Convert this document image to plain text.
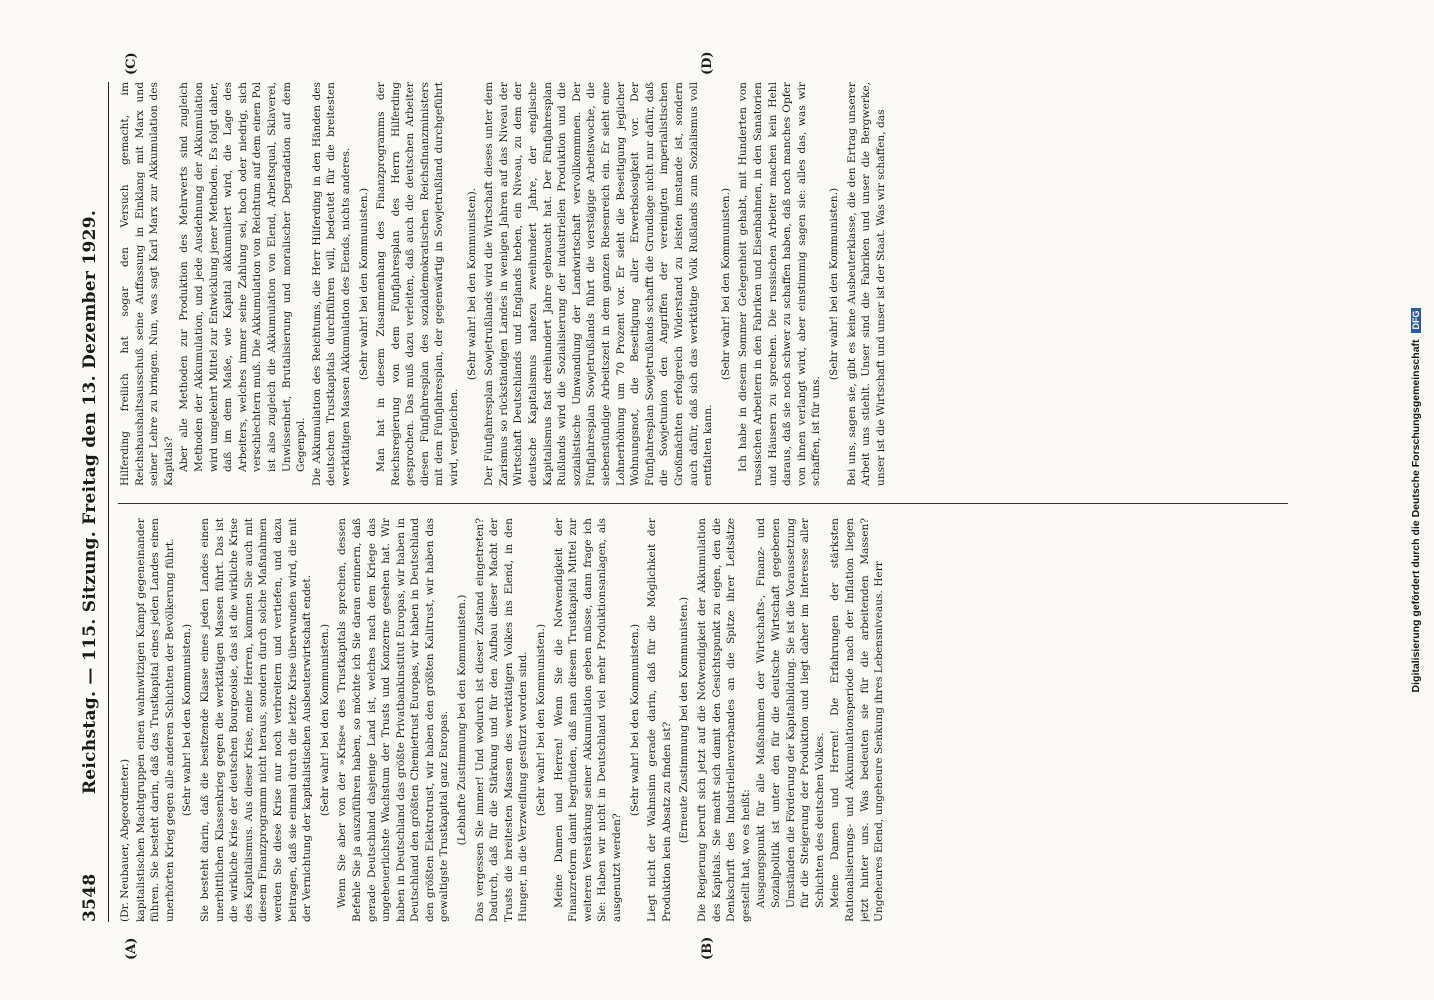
3548
Reichstag. — 115. Sitzung. Freitag den 13. Dezember 1929.
(A)	(B)
(C)	(D)

(Dr. Neubauer, Abgeordneter.) kapitalistischen Machtgruppen einen wahnwitzigen Kampf gegeneinander führen. Sie besteht darin, daß das Trustkapital eines jeden Landes einen unerhörten Krieg gegen alle anderen Schichten der Bevölkerung führt. (Sehr wahr! bei den Kommunisten.) Sie besteht darin, daß die besitzende Klasse eines jeden Landes einen unerbittlichen Klassenkrieg gegen die werktätigen Massen führt. Das ist die wirkliche Krise der deutschen Bourgeoisie, das ist die wirkliche Krise des Kapitalismus. Aus dieser Krise, meine Herren, kommen Sie auch mit diesem Finanzprogramm nicht heraus, sondern durch solche Maßnahmen werden Sie diese Krise nur noch verbreitern und vertiefen, und dazu beitragen, daß sie einmal durch die letzte Krise überwunden wird, die mit der Vernichtung der kapitalistischen Ausbeuterwirtschaft endet. (Sehr wahr! bei den Kommunisten.) Wenn Sie aber von der »Krise« des Trustkapitals sprechen, dessen Befehle Sie ja auszuführen haben, so möchte ich Sie daran erinnern, daß gerade Deutschland dasjenige Land ist, welches nach dem Kriege das ungeheuerlichste Wachstum der Trusts und Konzerne gesehen hat. Wir haben in Deutschland das größte Privatbankinstitut Europas, wir haben in Deutschland den größten Chemietrust Europas, wir haben in Deutschland den größten Elektrotrust, wir haben den größten Kalitrust, wir haben das gewaltigste Trustkapital ganz Europas. (Lebhafte Zustimmung bei den Kommunisten.) Das vergessen Sie immer! Und wodurch ist dieser Zustand eingetreten? Dadurch, daß für die Stärkung und für den Aufbau dieser Macht der Trusts die breitesten Massen des werktätigen Volkes ins Elend, in den Hunger, in die Verzweiflung gestürzt worden sind. (Sehr wahr! bei den Kommunisten.) Meine Damen und Herren! Wenn Sie die Notwendigkeit der Finanzreform damit begründen, daß man diesem Trustkapital Mittel zur weiteren Verstärkung seiner Akkumulation geben müsse, dann frage ich Sie: Haben wir nicht in Deutschland viel mehr Produktionsanlagen, als ausgenutzt werden?

(Sehr wahr! bei den Kommunisten.) Liegt nicht der Wahnsinn gerade darin, daß für die Möglichkeit der Produktion kein Absatz zu finden ist? (Erneute Zustimmung bei den Kommunisten.) Die Regierung beruft sich jetzt auf die Notwendigkeit der Akkumulation des Kapitals. Sie macht sich damit den Gesichtspunkt zu eigen, den die Denkschrift des Industriellenverbandes an die Spitze ihrer Leitsätze gestellt hat, wo es heißt: Ausgangspunkt für alle Maßnahmen der Wirtschafts-, Finanz- und Sozialpolitik ist unter den für die deutsche Wirtschaft gegebenen Umständen die Förderung der Kapitalbildung. Sie ist die Voraussetzung für die Steigerung der Produktion und liegt daher im Interesse aller Schichten des deutschen Volkes. Meine Damen und Herren! Die Erfahrungen der stärksten Rationalisierungs- und Akkumulationsperiode nach der Inflation liegen jetzt hinter uns. Was bedeuten sie für die arbeitenden Massen? Ungeheures Elend, ungeheure Senkung ihres Lebensniveaus. Herr

Hilferding freilich hat sogar den Versuch gemacht, im Reichshaushaltsausschuß seine Auffassung in Einklang mit Marx und seiner Lehre zu bringen. Nun, was sagt Karl Marx zur Akkumulation des Kapitals? Aber alle Methoden zur Produktion des Mehrwerts sind zugleich Methoden der Akkumulation, und jede Ausdehnung der Akkumulation wird umgekehrt Mittel zur Entwicklung jener Methoden. Es folgt daher, daß im dem Maße, wie Kapital akkumuliert wird, die Lage des Arbeiters, welches immer seine Zahlung sei, hoch oder niedrig, sich verschlechtern muß. Die Akkumulation von Reichtum auf dem einen Pol ist also zugleich die Akkumulation von Elend, Arbeitsqual, Sklaverei, Unwissenheit, Brutalisierung und moralischer Degradation auf dem Gegenpol. Die Akkumulation des Reichtums, die Herr Hilferding in den Händen des deutschen Trustkapitals durchführen will, bedeutet für die breitesten werktätigen Massen Akkumulation des Elends, nichts anderes. (Sehr wahr! bei den Kommunisten.) Man hat in diesem Zusammenhang des Finanzprogramms der Reichsregierung von dem Fünfjahresplan des Herrn Hilferding gesprochen. Das muß dazu verleiten, daß auch die deutschen Arbeiter diesen Fünfjahresplan des sozialdemokratischen Reichsfinanzministers mit dem Fünfjahresplan, der gegenwärtig in Sowjetrußland durchgeführt wird, vergleichen.

(Sehr wahr! bei den Kommunisten). Der Fünfjahresplan Sowjetrußlands wird die Wirtschaft dieses unter dem Zarismus so rückständigen Landes in wenigen Jahren auf das Niveau der Wirtschaft Deutschlands und Englands heben, ein Niveau, zu dem der deutsche Kapitalismus nahezu zweihundert Jahre, der englische Kapitalismus fast dreihundert Jahre gebraucht hat. Der Fünfjahresplan Rußlands wird die Sozialisierung der industriellen Produktion und die sozialistische Umwandlung der Landwirtschaft vervollkommnen. Der Fünfjahresplan Sowjetrußlands führt die vierstägige Arbeitswoche, die siebenstündige Arbeitszeit in dem ganzen Riesenreich ein. Er sieht eine Lohnerhöhung um 70 Prozent vor. Er sieht die Beseitigung jeglicher Wohnungsnot, die Beseitigung aller Erwerbslosigkeit vor. Der Fünfjahresplan Sowjetrußlands schafft die Grundlage nicht nur dafür, daß die Sowjetunion den Angriffen der vereinigten imperialistischen Großmächten erfolgreich Widerstand zu leisten imstande ist, sondern auch dafür, daß sich das werktätige Volk Rußlands zum Sozialismus voll entfalten kann.

(Sehr wahr! bei den Kommunisten.) Ich habe in diesem Sommer Gelegenheit gehabt, mit Hunderten von russischen Arbeitern in den Fabriken und Eisenbahnen, in den Sanatorien und Häusern zu sprechen. Die russischen Arbeiter machen kein Hehl daraus, daß sie noch schwer zu schaffen haben, daß noch manches Opfer von ihnen verlangt wird, aber einstimmig sagen sie: alles das, was wir schaffen, ist für uns.

(Sehr wahr! bei den Kommunisten.) Bei uns, sagen sie, gibt es keine Ausbeuterklasse, die den Ertrag unserer Arbeit uns stiehlt. Unser sind die Fabriken und unser die Bergwerke, unser ist die Wirtschaft und unser ist der Staat. Was wir schaffen, das

Digitalisierung gefördert durch die Deutsche Forschungsgemeinschaft DFG
